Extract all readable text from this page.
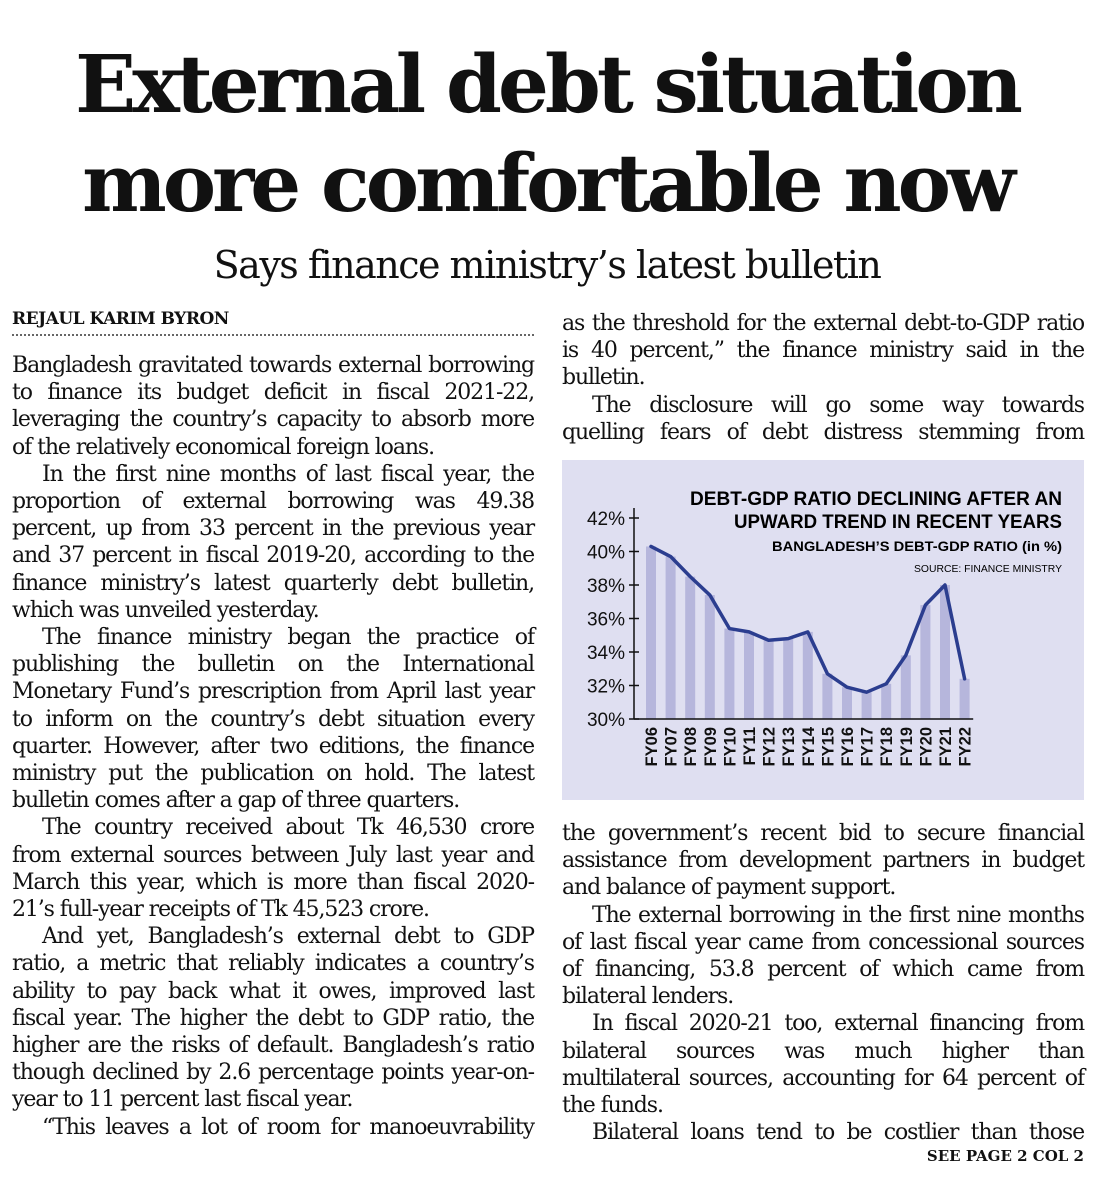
External debt situation
more comfortable now
Says finance ministry’s latest bulletin
REJAUL KARIM BYRON

Bangladesh gravitated towards external borrowing to finance its budget deficit in fiscal 2021-22, leveraging the country’s capacity to absorb more of the relatively economical foreign loans.

In the first nine months of last fiscal year, the proportion of external borrowing was 49.38 percent, up from 33 percent in the previous year and 37 percent in fiscal 2019-20, according to the finance ministry’s latest quarterly debt bulletin, which was unveiled yesterday.

The finance ministry began the practice of publishing the bulletin on the International Monetary Fund’s prescription from April last year to inform on the country’s debt situation every quarter. However, after two editions, the finance ministry put the publication on hold. The latest bulletin comes after a gap of three quarters.

The country received about Tk 46,530 crore from external sources between July last year and March this year, which is more than fiscal 2020-21’s full-year receipts of Tk 45,523 crore.

And yet, Bangladesh’s external debt to GDP ratio, a metric that reliably indicates a country’s ability to pay back what it owes, improved last fiscal year. The higher the debt to GDP ratio, the higher are the risks of default. Bangladesh’s ratio though declined by 2.6 percentage points year-on-year to 11 percent last fiscal year.

“This leaves a lot of room for manoeuvrability

as the threshold for the external debt-to-GDP ratio is 40 percent,” the finance ministry said in the bulletin.

The disclosure will go some way towards quelling fears of debt distress stemming from

DEBT-GDP RATIO DECLINING AFTER AN
UPWARD TREND IN RECENT YEARS
BANGLADESH’S DEBT-GDP RATIO (in %)
SOURCE: FINANCE MINISTRY
30%
32%
34%
36%
38%
40%
42%
FY06 FY07 FY08 FY09 FY10 FY11 FY12 FY13 FY14 FY15 FY16 FY17 FY18 FY19 FY20 FY21 FY22

the government’s recent bid to secure financial assistance from development partners in budget and balance of payment support.

The external borrowing in the first nine months of last fiscal year came from concessional sources of financing, 53.8 percent of which came from bilateral lenders.

In fiscal 2020-21 too, external financing from bilateral sources was much higher than multilateral sources, accounting for 64 percent of the funds.

Bilateral loans tend to be costlier than those

SEE PAGE 2 COL 2
